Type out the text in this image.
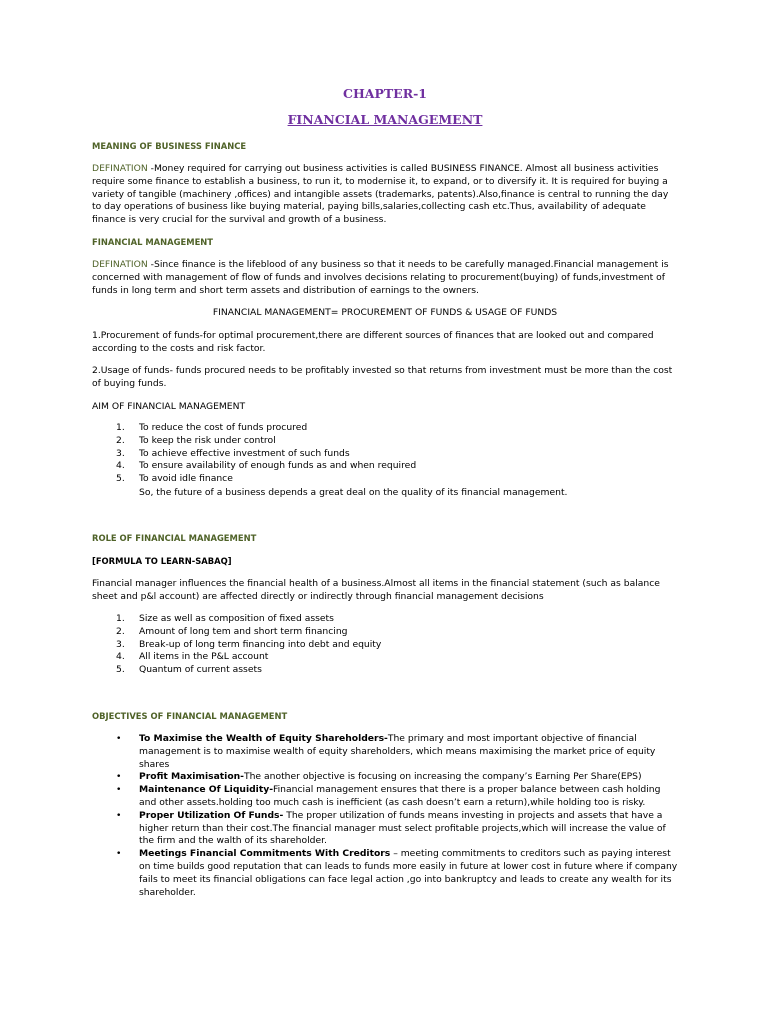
CHAPTER-1
FINANCIAL MANAGEMENT
MEANING OF BUSINESS FINANCE

DEFINATION -Money required for carrying out business activities is called BUSINESS FINANCE. Almost all business activities require some finance to establish a business, to run it, to modernise it, to expand, or to diversify it. It is required for buying a variety of tangible (machinery ,offices) and intangible assets (trademarks, patents).Also,finance is central to running the day to day operations of business like buying material, paying bills,salaries,collecting cash etc.Thus, availability of adequate finance is very crucial for the survival and growth of a business.

FINANCIAL MANAGEMENT

DEFINATION -Since finance is the lifeblood of any business so that it needs to be carefully managed.Financial management is concerned with management of flow of funds and involves decisions relating to procurement(buying) of funds,investment of funds in long term and short term assets and distribution of earnings to the owners.

FINANCIAL MANAGEMENT= PROCUREMENT OF FUNDS & USAGE OF FUNDS

1.Procurement of funds-for optimal procurement,there are different sources of finances that are looked out and compared according to the costs and risk factor.

2.Usage of funds- funds procured needs to be profitably invested so that returns from investment must be more than the cost of buying funds.

AIM OF FINANCIAL MANAGEMENT
1. To reduce the cost of funds procured
2. To keep the risk under control
3. To achieve effective investment of such funds
4. To ensure availability of enough funds as and when required
5. To avoid idle finance
So, the future of a business depends a great deal on the quality of its financial management.
ROLE OF FINANCIAL MANAGEMENT
[FORMULA TO LEARN-SABAQ]

Financial manager influences the financial health of a business.Almost all items in the financial statement (such as balance sheet and p&l account) are affected directly or indirectly through financial management decisions

1. Size as well as composition of fixed assets
2. Amount of long tem and short term financing
3. Break-up of long term financing into debt and equity
4. All items in the P&L account
5. Quantum of current assets
OBJECTIVES OF FINANCIAL MANAGEMENT
• To Maximise the Wealth of Equity Shareholders-The primary and most important objective of financial management is to maximise wealth of equity shareholders, which means maximising the market price of equity shares
• Profit Maximisation-The another objective is focusing on increasing the company’s Earning Per Share(EPS)
• Maintenance Of Liquidity-Financial management ensures that there is a proper balance between cash holding and other assets.holding too much cash is inefficient (as cash doesn’t earn a return),while holding too is risky.
• Proper Utilization Of Funds- The proper utilization of funds means investing in projects and assets that have a higher return than their cost.The financial manager must select profitable projects,which will increase the value of the firm and the walth of its shareholder.
• Meetings Financial Commitments With Creditors – meeting commitments to creditors such as paying interest on time builds good reputation that can leads to funds more easily in future at lower cost in future where if company fails to meet its financial obligations can face legal action ,go into bankruptcy and leads to create any wealth for its shareholder.
